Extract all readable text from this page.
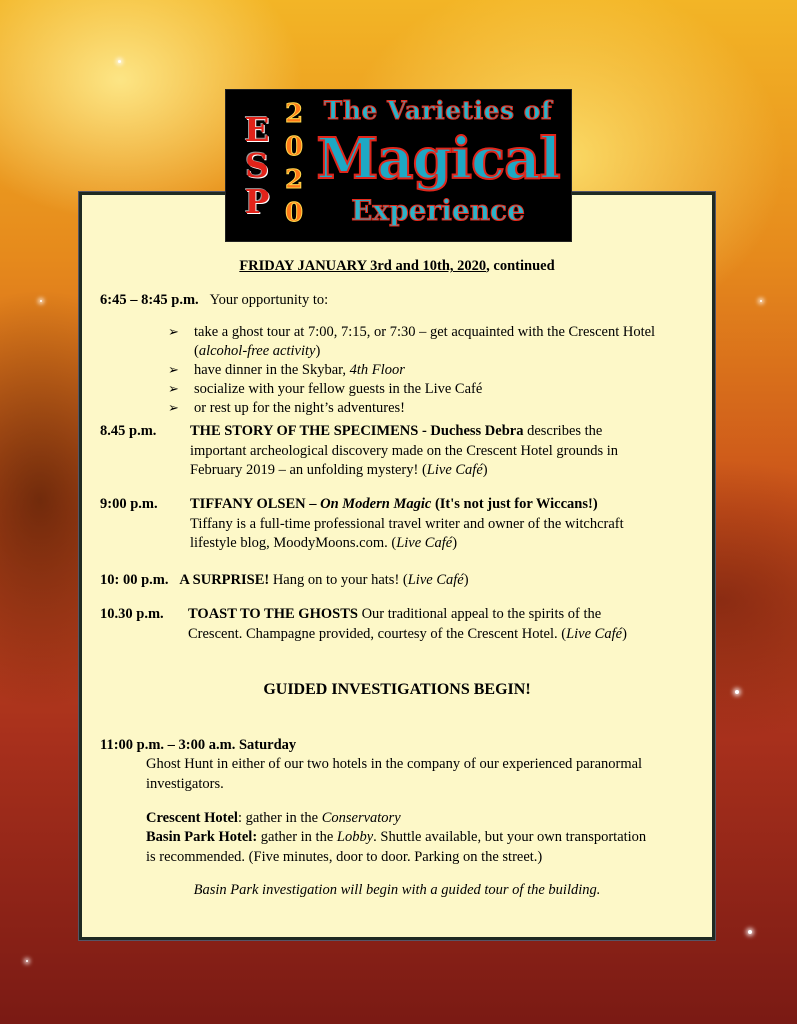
FRIDAY JANUARY 3rd and 10th, 2020, continued
6:45 – 8:45 p.m. Your opportunity to:
➢ take a ghost tour at 7:00, 7:15, or 7:30 – get acquainted with the Crescent Hotel
(alcohol-free activity)
➢ have dinner in the Skybar, 4th Floor
➢ socialize with your fellow guests in the Live Café
➢ or rest up for the night’s adventures!
8.45 p.m. THE STORY OF THE SPECIMENS - Duchess Debra describes the
important archeological discovery made on the Crescent Hotel grounds in
February 2019 – an unfolding mystery! (Live Café)
9:00 p.m. TIFFANY OLSEN – On Modern Magic (It's not just for Wiccans!)
Tiffany is a full-time professional travel writer and owner of the witchcraft
lifestyle blog, MoodyMoons.com. (Live Café)
10: 00 p.m. A SURPRISE! Hang on to your hats! (Live Café)
10.30 p.m. TOAST TO THE GHOSTS Our traditional appeal to the spirits of the
Crescent. Champagne provided, courtesy of the Crescent Hotel. (Live Café)
GUIDED INVESTIGATIONS BEGIN!
11:00 p.m. – 3:00 a.m. Saturday
Ghost Hunt in either of our two hotels in the company of our experienced paranormal
investigators.
Crescent Hotel: gather in the Conservatory
Basin Park Hotel: gather in the Lobby. Shuttle available, but your own transportation
is recommended. (Five minutes, door to door. Parking on the street.)
Basin Park investigation will begin with a guided tour of the building.
E
S
P
2
0
2
0
The Varieties of
Magical
Experience
